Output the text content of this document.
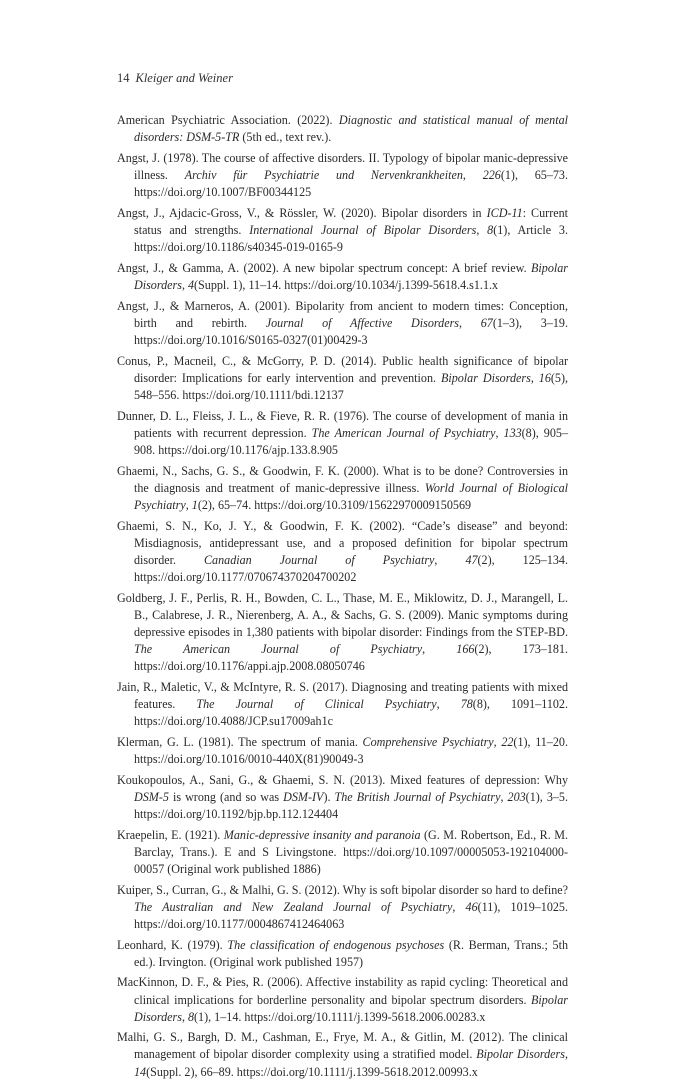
14 Kleiger and Weiner
American Psychiatric Association. (2022). Diagnostic and statistical manual of mental disorders: DSM-5-TR (5th ed., text rev.).
Angst, J. (1978). The course of affective disorders. II. Typology of bipolar manic-depressive illness. Archiv für Psychiatrie und Nervenkrankheiten, 226(1), 65–73. https://doi.org/10.1007/BF00344125
Angst, J., Ajdacic-Gross, V., & Rössler, W. (2020). Bipolar disorders in ICD-11: Current status and strengths. International Journal of Bipolar Disorders, 8(1), Article 3. https://doi.org/10.1186/s40345-019-0165-9
Angst, J., & Gamma, A. (2002). A new bipolar spectrum concept: A brief review. Bipolar Disorders, 4(Suppl. 1), 11–14. https://doi.org/10.1034/j.1399-5618.4.s1.1.x
Angst, J., & Marneros, A. (2001). Bipolarity from ancient to modern times: Conception, birth and rebirth. Journal of Affective Disorders, 67(1–3), 3–19. https://doi.org/10.1016/S0165-0327(01)00429-3
Conus, P., Macneil, C., & McGorry, P. D. (2014). Public health significance of bipolar disorder: Implications for early intervention and prevention. Bipolar Disorders, 16(5), 548–556. https://doi.org/10.1111/bdi.12137
Dunner, D. L., Fleiss, J. L., & Fieve, R. R. (1976). The course of development of mania in patients with recurrent depression. The American Journal of Psychiatry, 133(8), 905–908. https://doi.org/10.1176/ajp.133.8.905
Ghaemi, N., Sachs, G. S., & Goodwin, F. K. (2000). What is to be done? Controversies in the diagnosis and treatment of manic-depressive illness. World Journal of Biological Psychiatry, 1(2), 65–74. https://doi.org/10.3109/15622970009150569
Ghaemi, S. N., Ko, J. Y., & Goodwin, F. K. (2002). “Cade’s disease” and beyond: Misdiagnosis, antidepressant use, and a proposed definition for bipolar spectrum disorder. Canadian Journal of Psychiatry, 47(2), 125–134. https://doi.org/10.1177/070674370204700202
Goldberg, J. F., Perlis, R. H., Bowden, C. L., Thase, M. E., Miklowitz, D. J., Marangell, L. B., Calabrese, J. R., Nierenberg, A. A., & Sachs, G. S. (2009). Manic symptoms during depressive episodes in 1,380 patients with bipolar disorder: Findings from the STEP-BD. The American Journal of Psychiatry, 166(2), 173–181. https://doi.org/10.1176/appi.ajp.2008.08050746
Jain, R., Maletic, V., & McIntyre, R. S. (2017). Diagnosing and treating patients with mixed features. The Journal of Clinical Psychiatry, 78(8), 1091–1102. https://doi.org/10.4088/JCP.su17009ah1c
Klerman, G. L. (1981). The spectrum of mania. Comprehensive Psychiatry, 22(1), 11–20. https://doi.org/10.1016/0010-440X(81)90049-3
Koukopoulos, A., Sani, G., & Ghaemi, S. N. (2013). Mixed features of depression: Why DSM-5 is wrong (and so was DSM-IV). The British Journal of Psychiatry, 203(1), 3–5. https://doi.org/10.1192/bjp.bp.112.124404
Kraepelin, E. (1921). Manic-depressive insanity and paranoia (G. M. Robertson, Ed., R. M. Barclay, Trans.). E and S Livingstone. https://doi.org/10.1097/00005053-192104000-00057 (Original work published 1886)
Kuiper, S., Curran, G., & Malhi, G. S. (2012). Why is soft bipolar disorder so hard to define? The Australian and New Zealand Journal of Psychiatry, 46(11), 1019–1025. https://doi.org/10.1177/0004867412464063
Leonhard, K. (1979). The classification of endogenous psychoses (R. Berman, Trans.; 5th ed.). Irvington. (Original work published 1957)
MacKinnon, D. F., & Pies, R. (2006). Affective instability as rapid cycling: Theoretical and clinical implications for borderline personality and bipolar spectrum disorders. Bipolar Disorders, 8(1), 1–14. https://doi.org/10.1111/j.1399-5618.2006.00283.x
Malhi, G. S., Bargh, D. M., Cashman, E., Frye, M. A., & Gitlin, M. (2012). The clinical management of bipolar disorder complexity using a stratified model. Bipolar Disorders, 14(Suppl. 2), 66–89. https://doi.org/10.1111/j.1399-5618.2012.00993.x
